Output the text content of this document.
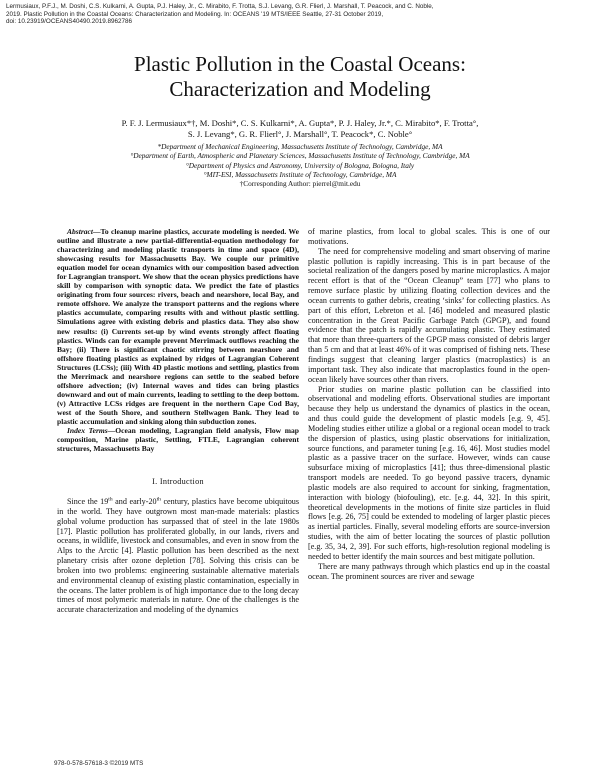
Lermusiaux, P.F.J., M. Doshi, C.S. Kulkarni, A. Gupta, P.J. Haley, Jr., C. Mirabito, F. Trotta, S.J. Levang, G.R. Flierl, J. Marshall, T. Peacock, and C. Noble,
2019. Plastic Pollution in the Coastal Oceans: Characterization and Modeling. In: OCEANS '19 MTS/IEEE Seattle, 27-31 October 2019,
doi: 10.23919/OCEANS40490.2019.8962786
Plastic Pollution in the Coastal Oceans:
Characterization and Modeling
P. F. J. Lermusiaux*†, M. Doshi*, C. S. Kulkarni*, A. Gupta*, P. J. Haley, Jr.*, C. Mirabito*, F. Trotta°,
S. J. Levang*, G. R. Flierl°, J. Marshall°, T. Peacock*, C. Noble°
*Department of Mechanical Engineering, Massachusetts Institute of Technology, Cambridge, MA
°Department of Earth, Atmospheric and Planetary Sciences, Massachusetts Institute of Technology, Cambridge, MA
°Department of Physics and Astronomy, University of Bologna, Bologna, Italy
°MIT-ESI, Massachusetts Institute of Technology, Cambridge, MA
†Corresponding Author: pierrel@mit.edu

Abstract—To cleanup marine plastics, accurate modeling is needed. We outline and illustrate a new partial-differential-equation methodology for characterizing and modeling plastic transports in time and space (4D), showcasing results for Massachusetts Bay. We couple our primitive equation model for ocean dynamics with our composition based advection for Lagrangian transport. We show that the ocean physics predictions have skill by comparison with synoptic data. We predict the fate of plastics originating from four sources: rivers, beach and nearshore, local Bay, and remote offshore. We analyze the transport patterns and the regions where plastics accumulate, comparing results with and without plastic settling. Simulations agree with existing debris and plastics data. They also show new results: (i) Currents set-up by wind events strongly affect floating plastics. Winds can for example prevent Merrimack outflows reaching the Bay; (ii) There is significant chaotic stirring between nearshore and offshore floating plastics as explained by ridges of Lagrangian Coherent Structures (LCSs); (iii) With 4D plastic motions and settling, plastics from the Merrimack and nearshore regions can settle to the seabed before offshore advection; (iv) Internal waves and tides can bring plastics downward and out of main currents, leading to settling to the deep bottom. (v) Attractive LCSs ridges are frequent in the northern Cape Cod Bay, west of the South Shore, and southern Stellwagen Bank. They lead to plastic accumulation and sinking along thin subduction zones.

Index Terms—Ocean modeling, Lagrangian field analysis, Flow map composition, Marine plastic, Settling, FTLE, Lagrangian coherent structures, Massachusetts Bay

I. Introduction

Since the 19th and early-20th century, plastics have become ubiquitous in the world. They have outgrown most man-made materials: plastics global volume production has surpassed that of steel in the late 1980s [17]. Plastic pollution has proliferated globally, in our lands, rivers and oceans, in wildlife, livestock and consumables, and even in snow from the Alps to the Arctic [4]. Plastic pollution has been described as the next planetary crisis after ozone depletion [78]. Solving this crisis can be broken into two problems: engineering sustainable alternative materials and environmental cleanup of existing plastic contamination, especially in the oceans. The latter problem is of high importance due to the long decay times of most polymeric materials in nature. One of the challenges is the accurate characterization and modeling of the dynamics

of marine plastics, from local to global scales. This is one of our motivations.

The need for comprehensive modeling and smart observing of marine plastic pollution is rapidly increasing. This is in part because of the societal realization of the dangers posed by marine microplastics. A major recent effort is that of the “Ocean Cleanup” team [77] who plans to remove surface plastic by utilizing floating collection devices and the ocean currents to gather debris, creating ‘sinks’ for collecting plastics. As part of this effort, Lebreton et al. [46] modeled and measured plastic concentration in the Great Pacific Garbage Patch (GPGP), and found evidence that the patch is rapidly accumulating plastic. They estimated that more than three-quarters of the GPGP mass consisted of debris larger than 5 cm and that at least 46% of it was comprised of fishing nets. These findings suggest that cleaning larger plastics (macroplastics) is an important task. They also indicate that macroplastics found in the open-ocean likely have sources other than rivers.

Prior studies on marine plastic pollution can be classified into observational and modeling efforts. Observational studies are important because they help us understand the dynamics of plastics in the ocean, and thus could guide the development of plastic models [e.g. 9, 45]. Modeling studies either utilize a global or a regional ocean model to track the dispersion of plastics, using plastic observations for initialization, source functions, and parameter tuning [e.g. 16, 46]. Most studies model plastic as a passive tracer on the surface. However, winds can cause subsurface mixing of microplastics [41]; thus three-dimensional plastic transport models are needed. To go beyond passive tracers, dynamic plastic models are also required to account for sinking, fragmentation, interaction with biology (biofouling), etc. [e.g. 44, 32]. In this spirit, theoretical developments in the motions of finite size particles in fluid flows [e.g. 26, 75] could be extended to modeling of larger plastic pieces as inertial particles. Finally, several modeling efforts are source-inversion studies, with the aim of better locating the sources of plastic pollution [e.g. 35, 34, 2, 39]. For such efforts, high-resolution regional modeling is needed to better identify the main sources and best mitigate pollution.

There are many pathways through which plastics end up in the coastal ocean. The prominent sources are river and sewage

978-0-578-57618-3 ©2019 MTS
